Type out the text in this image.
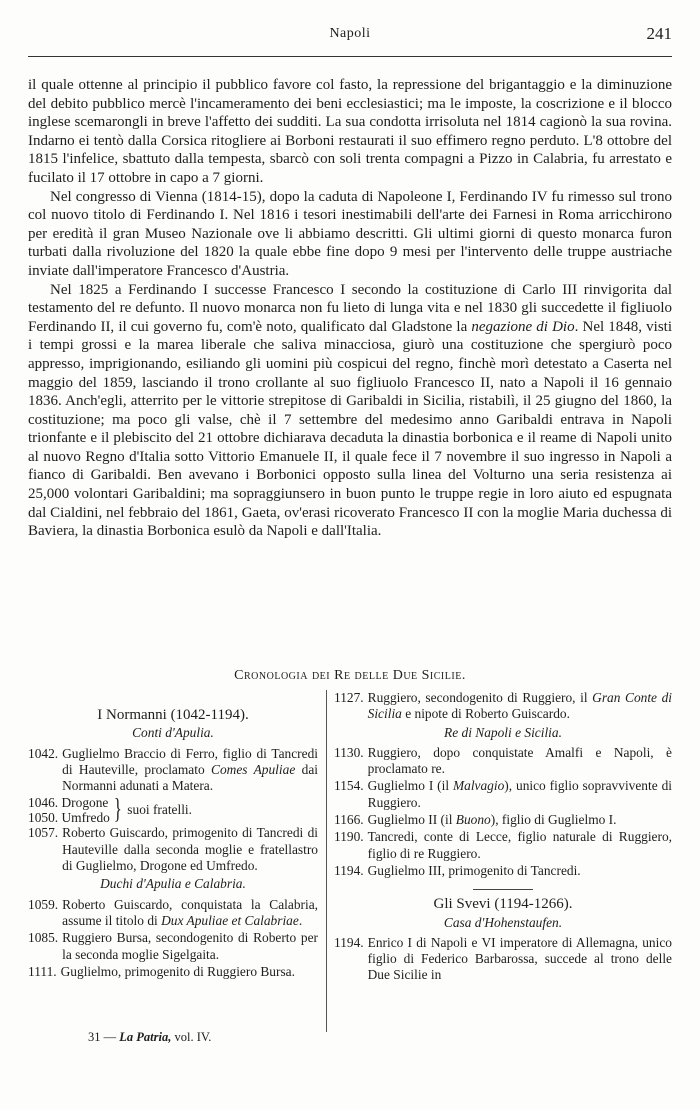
Napoli	241

il quale ottenne al principio il pubblico favore col fasto, la repressione del brigantaggio e la diminuzione del debito pubblico mercè l'incameramento dei beni ecclesiastici; ma le imposte, la coscrizione e il blocco inglese scemarongli in breve l'affetto dei sudditi. La sua condotta irrisoluta nel 1814 cagionò la sua rovina. Indarno ei tentò dalla Corsica ritogliere ai Borboni restaurati il suo effimero regno perduto. L'8 ottobre del 1815 l'infelice, sbattuto dalla tempesta, sbarcò con soli trenta compagni a Pizzo in Calabria, fu arrestato e fucilato il 17 ottobre in capo a 7 giorni.

Nel congresso di Vienna (1814-15), dopo la caduta di Napoleone I, Ferdinando IV fu rimesso sul trono col nuovo titolo di Ferdinando I. Nel 1816 i tesori inestimabili dell'arte dei Farnesi in Roma arricchirono per eredità il gran Museo Nazionale ove li abbiamo descritti. Gli ultimi giorni di questo monarca furon turbati dalla rivoluzione del 1820 la quale ebbe fine dopo 9 mesi per l'intervento delle truppe austriache inviate dall'imperatore Francesco d'Austria.

Nel 1825 a Ferdinando I successe Francesco I secondo la costituzione di Carlo III rinvigorita dal testamento del re defunto. Il nuovo monarca non fu lieto di lunga vita e nel 1830 gli succedette il figliuolo Ferdinando II, il cui governo fu, com'è noto, qualificato dal Gladstone la negazione di Dio. Nel 1848, visti i tempi grossi e la marea liberale che saliva minacciosa, giurò una costituzione che spergiurò poco appresso, imprigionando, esiliando gli uomini più cospicui del regno, finchè morì detestato a Caserta nel maggio del 1859, lasciando il trono crollante al suo figliuolo Francesco II, nato a Napoli il 16 gennaio 1836. Anch'egli, atterrito per le vittorie strepitose di Garibaldi in Sicilia, ristabilì, il 25 giugno del 1860, la costituzione; ma poco gli valse, chè il 7 settembre del medesimo anno Garibaldi entrava in Napoli trionfante e il plebiscito del 21 ottobre dichiarava decaduta la dinastia borbonica e il reame di Napoli unito al nuovo Regno d'Italia sotto Vittorio Emanuele II, il quale fece il 7 novembre il suo ingresso in Napoli a fianco di Garibaldi. Ben avevano i Borbonici opposto sulla linea del Volturno una seria resistenza ai 25,000 volontari Garibaldini; ma sopraggiunsero in buon punto le truppe regie in loro aiuto ed espugnata dal Cialdini, nel febbraio del 1861, Gaeta, ov'erasi ricoverato Francesco II con la moglie Maria duchessa di Baviera, la dinastia Borbonica esulò da Napoli e dall'Italia.

Cronologia dei Re delle Due Sicilie.
I Normanni (1042-1194).
Conti d'Apulia.
1042. Guglielmo Braccio di Ferro, figlio di Tancredi di Hauteville, proclamato Comes Apuliae dai Normanni adunati a Matera.
1046. Drogone
1050. Umfredo } suoi fratelli.
1057. Roberto Guiscardo, primogenito di Tancredi di Hauteville dalla seconda moglie e fratellastro di Guglielmo, Drogone ed Umfredo.
Duchi d'Apulia e Calabria.
1059. Roberto Guiscardo, conquistata la Calabria, assume il titolo di Dux Apuliae et Calabriae.
1085. Ruggiero Bursa, secondogenito di Roberto per la seconda moglie Sigelgaita.
1111. Guglielmo, primogenito di Ruggiero Bursa.
1127. Ruggiero, secondogenito di Ruggiero, il Gran Conte di Sicilia e nipote di Roberto Guiscardo.
Re di Napoli e Sicilia.
1130. Ruggiero, dopo conquistate Amalfi e Napoli, è proclamato re.
1154. Guglielmo I (il Malvagio), unico figlio sopravvivente di Ruggiero.
1166. Guglielmo II (il Buono), figlio di Guglielmo I.
1190. Tancredi, conte di Lecce, figlio naturale di Ruggiero, figlio di re Ruggiero.
1194. Guglielmo III, primogenito di Tancredi.
Gli Svevi (1194-1266).
Casa d'Hohenstaufen.
1194. Enrico I di Napoli e VI imperatore di Allemagna, unico figlio di Federico Barbarossa, succede al trono delle Due Sicilie in
31 — La Patria, vol. IV.
